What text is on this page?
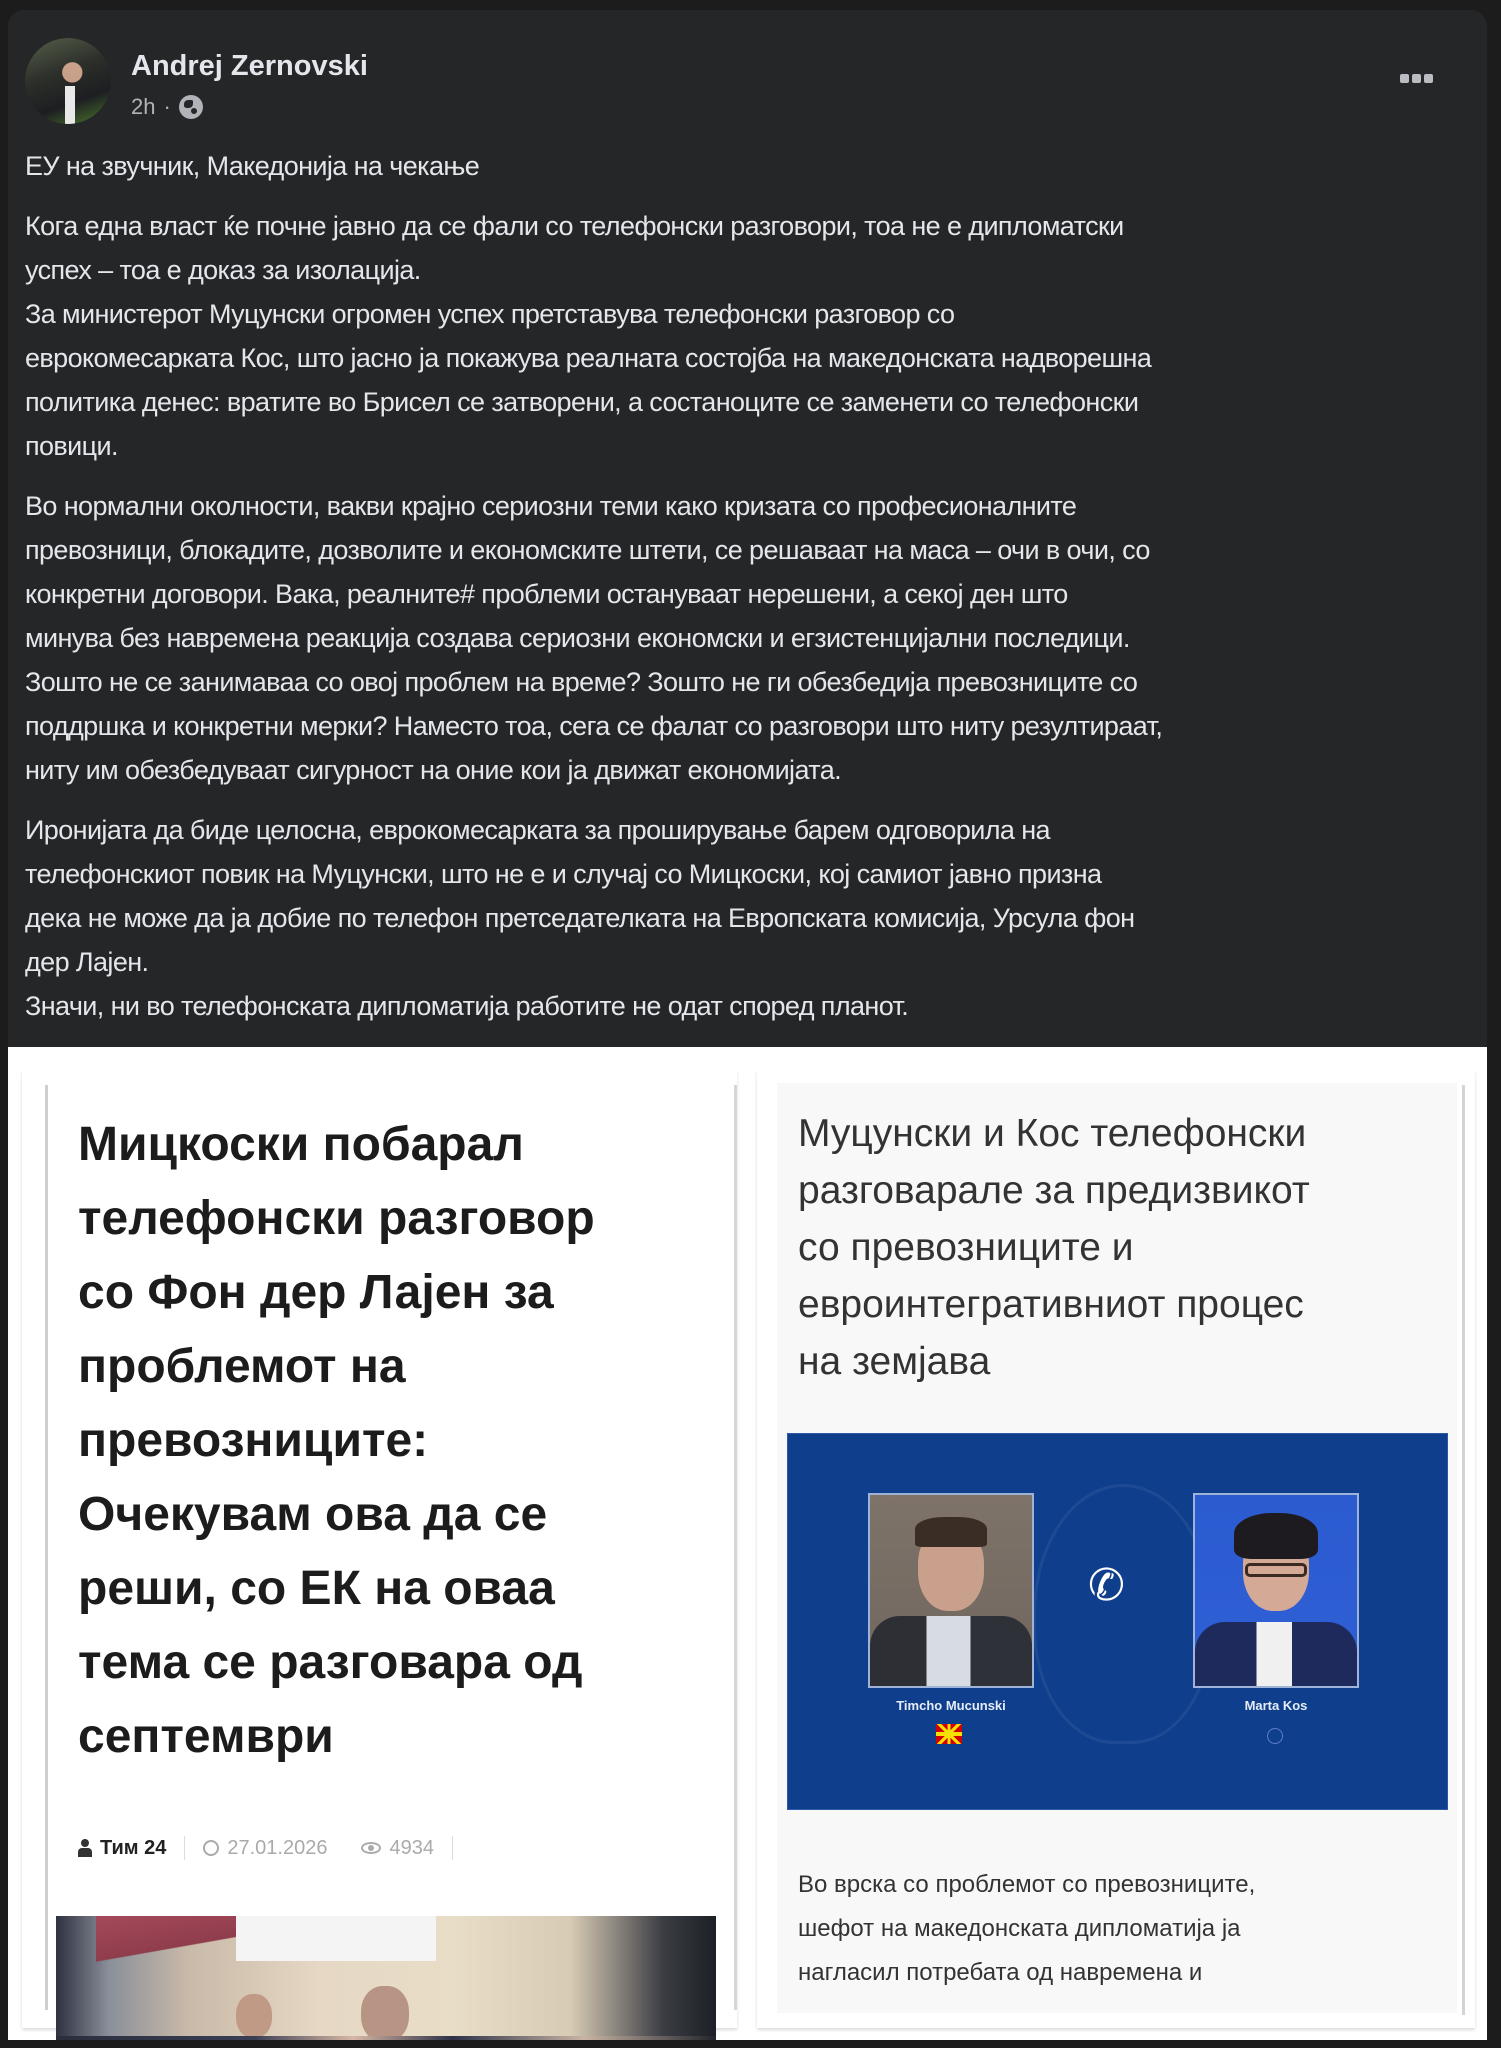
Andrej Zernovski
2h ·

ЕУ на звучник, Македонија на чекање

Кога една власт ќе почне јавно да се фали со телефонски разговори, тоа не е дипломатски
успех – тоа е доказ за изолација.
За министерот Муцунски огромен успех претставува телефонски разговор со
еврокомесарката Кос, што јасно ја покажува реалната состојба на македонската надворешна
политика денес: вратите во Брисел се затворени, а состаноците се заменети со телефонски
повици.

Во нормални околности, вакви крајно сериозни теми како кризата со професионалните
превозници, блокадите, дозволите и економските штети, се решаваат на маса – очи в очи, со
конкретни договори. Вака, реалните# проблеми остануваат нерешени, а секој ден што
минува без навремена реакција создава сериозни економски и егзистенцијални последици.
Зошто не се занимаваа со овој проблем на време? Зошто не ги обезбедија превозниците со
поддршка и конкретни мерки? Наместо тоа, сега се фалат со разговори што ниту резултираат,
ниту им обезбедуваат сигурност на оние кои ја движат економијата.

Иронијата да биде целосна, еврокомесарката за проширување барем одговорила на
телефонскиот повик на Муцунски, што не е и случај со Мицкоски, кој самиот јавно призна
дека не може да ја добие по телефон претседателката на Европската комисија, Урсула фон
дер Лајен.
Значи, ни во телефонската дипломатија работите не одат според планот.

Мицкоски побарал
телефонски разговор
со Фон дер Лајен за
проблемот на
превозниците:
Очекувам ова да се
реши, со ЕК на оваа
тема се разговара од
септември
Тим 24	27.01.2026	4934
Муцунски и Кос телефонски
разговарале за предизвикот
со превозниците и
евроинтегративниот процес
на земјава
✆
Timcho Mucunski	Marta Kos
Во врска со проблемот со превозниците,
шефот на македонската дипломатија ја
нагласил потребата од навремена и
